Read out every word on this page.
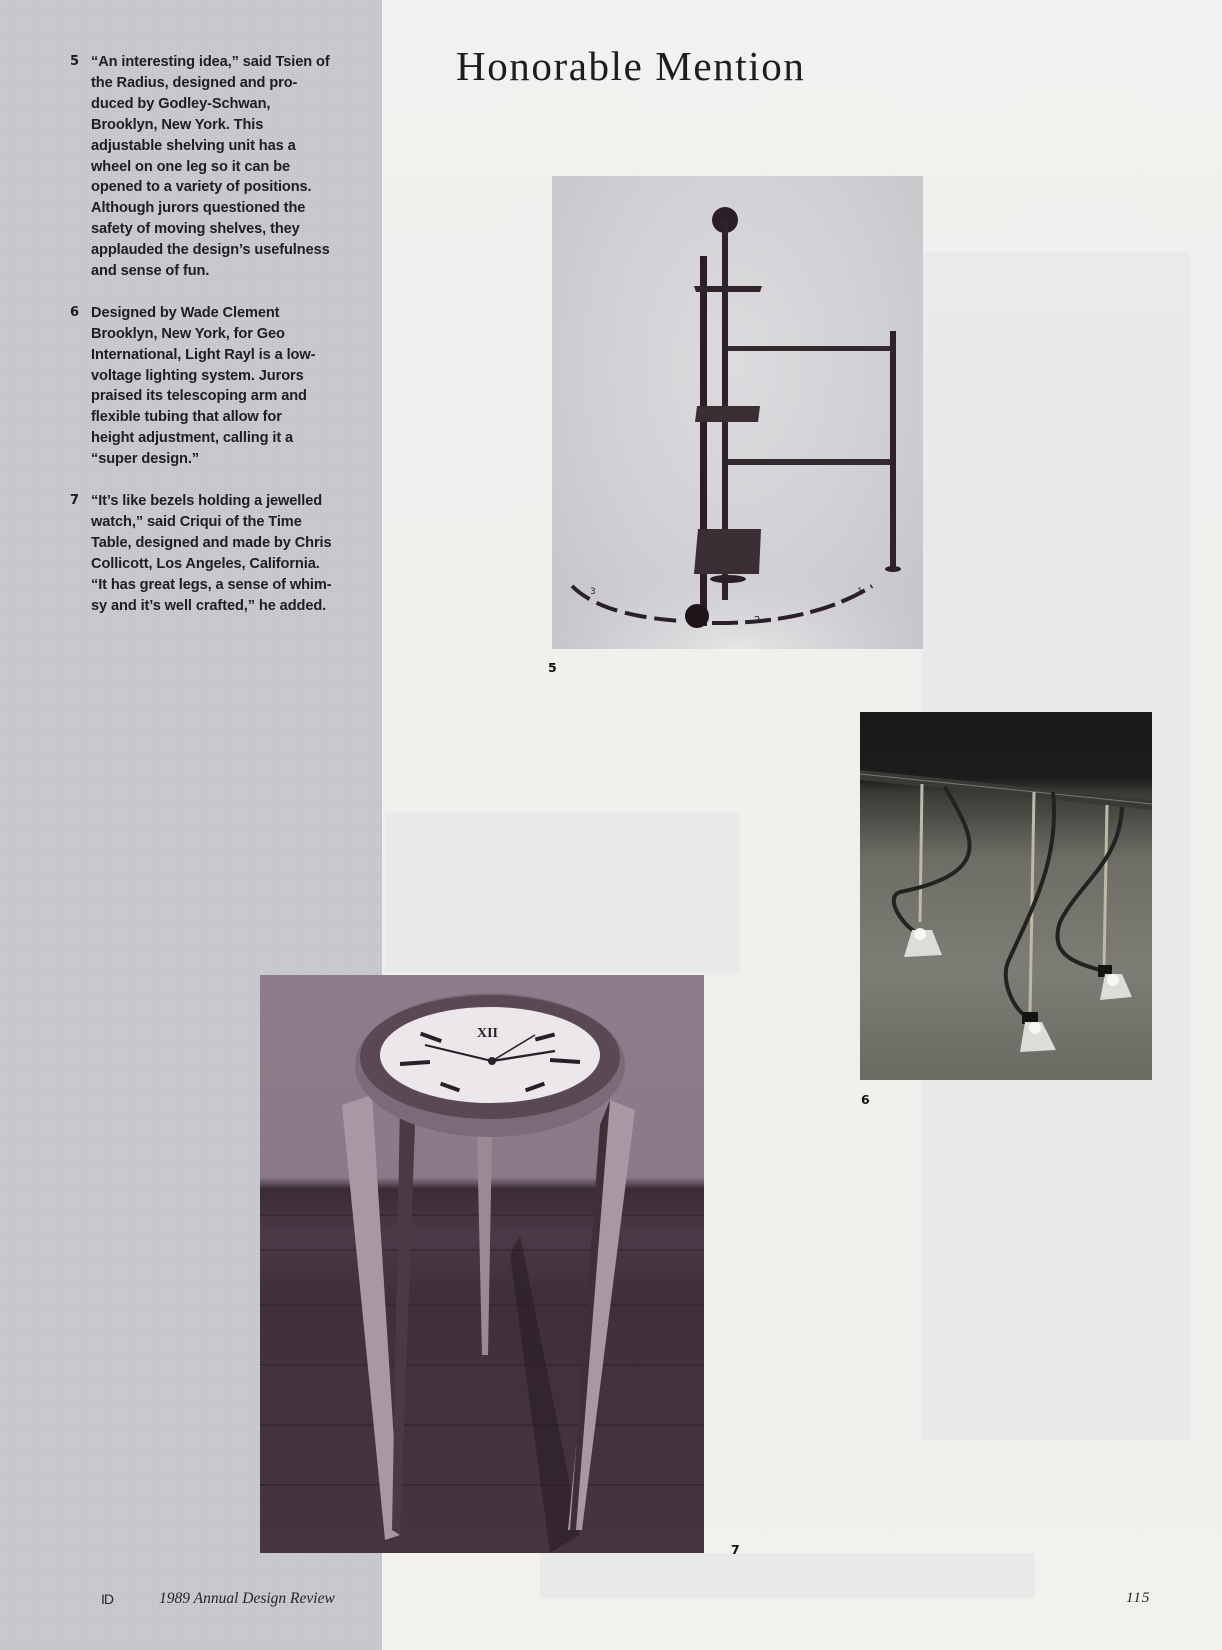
5 “An interesting idea,” said Tsien of
the Radius, designed and pro-
duced by Godley-Schwan,
Brooklyn, New York. This
adjustable shelving unit has a
wheel on one leg so it can be
opened to a variety of positions.
Although jurors questioned the
safety of moving shelves, they
applauded the design’s usefulness
and sense of fun.
6 Designed by Wade Clement
Brooklyn, New York, for Geo
International, Light Rayl is a low-
voltage lighting system. Jurors
praised its telescoping arm and
flexible tubing that allow for
height adjustment, calling it a
“super design.”
7 “It’s like bezels holding a jewelled
watch,” said Criqui of the Time
Table, designed and made by Chris
Collicott, Los Angeles, California.
“It has great legs, a sense of whim-
sy and it’s well crafted,” he added.
Honorable Mention
3
2
1
5
6
XII
7
ID	1989 Annual Design Review	115
